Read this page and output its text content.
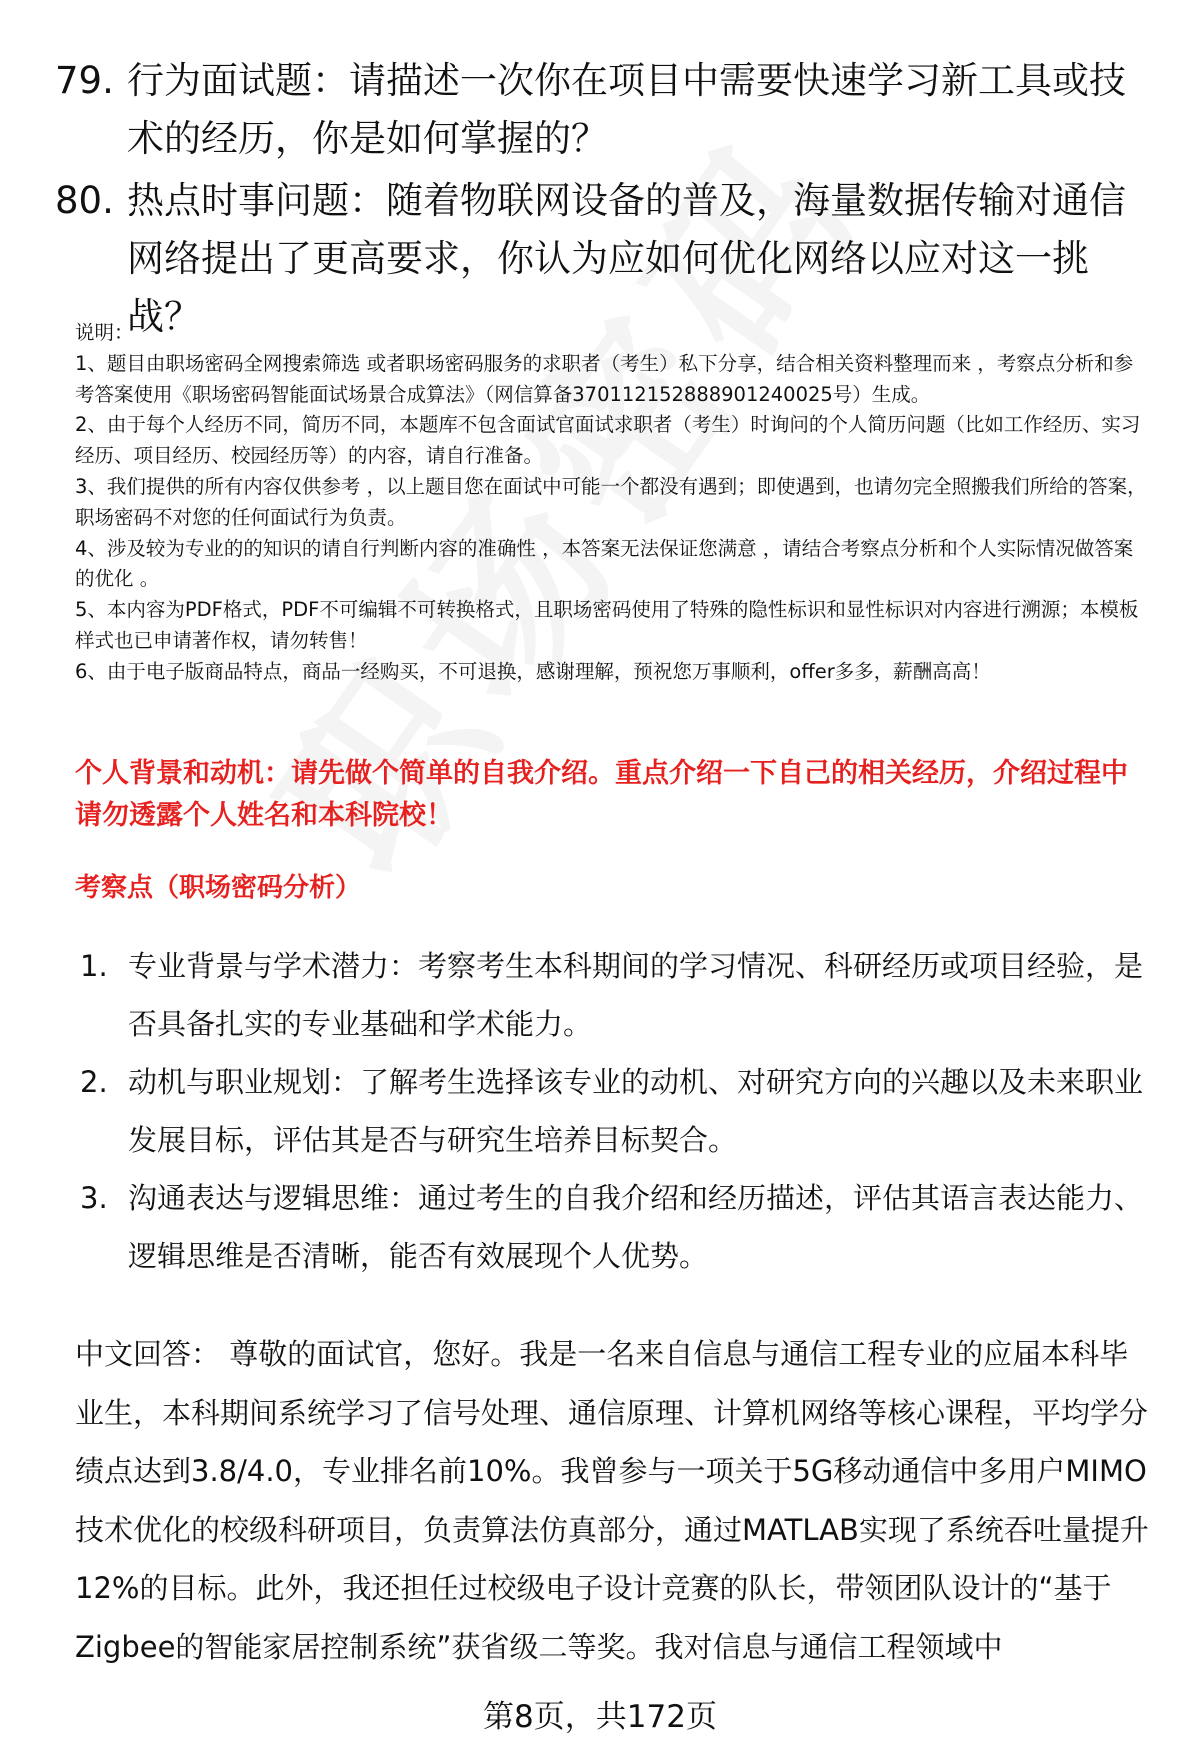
79. 行为面试题：请描述一次你在项目中需要快速学习新工具或技术的经历，你是如何掌握的？
80. 热点时事问题：随着物联网设备的普及，海量数据传输对通信网络提出了更高要求，你认为应如何优化网络以应对这一挑战？

说明：

1、题目由职场密码全网搜索筛选 或者职场密码服务的求职者（考生）私下分享，结合相关资料整理而来 ，考察点分析和参考答案使用《职场密码智能面试场景合成算法》（网信算备370112152888901240025号）生成。

2、由于每个人经历不同，简历不同，本题库不包含面试官面试求职者（考生）时询问的个人简历问题（比如工作经历、实习经历、项目经历、校园经历等）的内容，请自行准备。

3、我们提供的所有内容仅供参考 ，以上题目您在面试中可能一个都没有遇到；即使遇到，也请勿完全照搬我们所给的答案，职场密码不对您的任何面试行为负责。

4、涉及较为专业的的知识的请自行判断内容的准确性 ，本答案无法保证您满意 ，请结合考察点分析和个人实际情况做答案的优化 。

5、本内容为PDF格式，PDF不可编辑不可转换格式，且职场密码使用了特殊的隐性标识和显性标识对内容进行溯源；本模板样式也已申请著作权，请勿转售！

6、由于电子版商品特点，商品一经购买，不可退换，感谢理解，预祝您万事顺利，offer多多，薪酬高高！

个人背景和动机：请先做个简单的自我介绍。重点介绍一下自己的相关经历，介绍过程中请勿透露个人姓名和本科院校！
考察点（职场密码分析）
1. 专业背景与学术潜力：考察考生本科期间的学习情况、科研经历或项目经验，是否具备扎实的专业基础和学术能力。
2. 动机与职业规划：了解考生选择该专业的动机、对研究方向的兴趣以及未来职业发展目标，评估其是否与研究生培养目标契合。
3. 沟通表达与逻辑思维：通过考生的自我介绍和经历描述，评估其语言表达能力、逻辑思维是否清晰，能否有效展现个人优势。
中文回答： 尊敬的面试官，您好。我是一名来自信息与通信工程专业的应届本科毕业生，本科期间系统学习了信号处理、通信原理、计算机网络等核心课程，平均学分绩点达到3.8/4.0，专业排名前10%。我曾参与一项关于5G移动通信中多用户MIMO技术优化的校级科研项目，负责算法仿真部分，通过MATLAB实现了系统吞吐量提升12%的目标。此外，我还担任过校级电子设计竞赛的队长，带领团队设计的“基于Zigbee的智能家居控制系统”获省级二等奖。我对信息与通信工程领域中
第8页，共172页
